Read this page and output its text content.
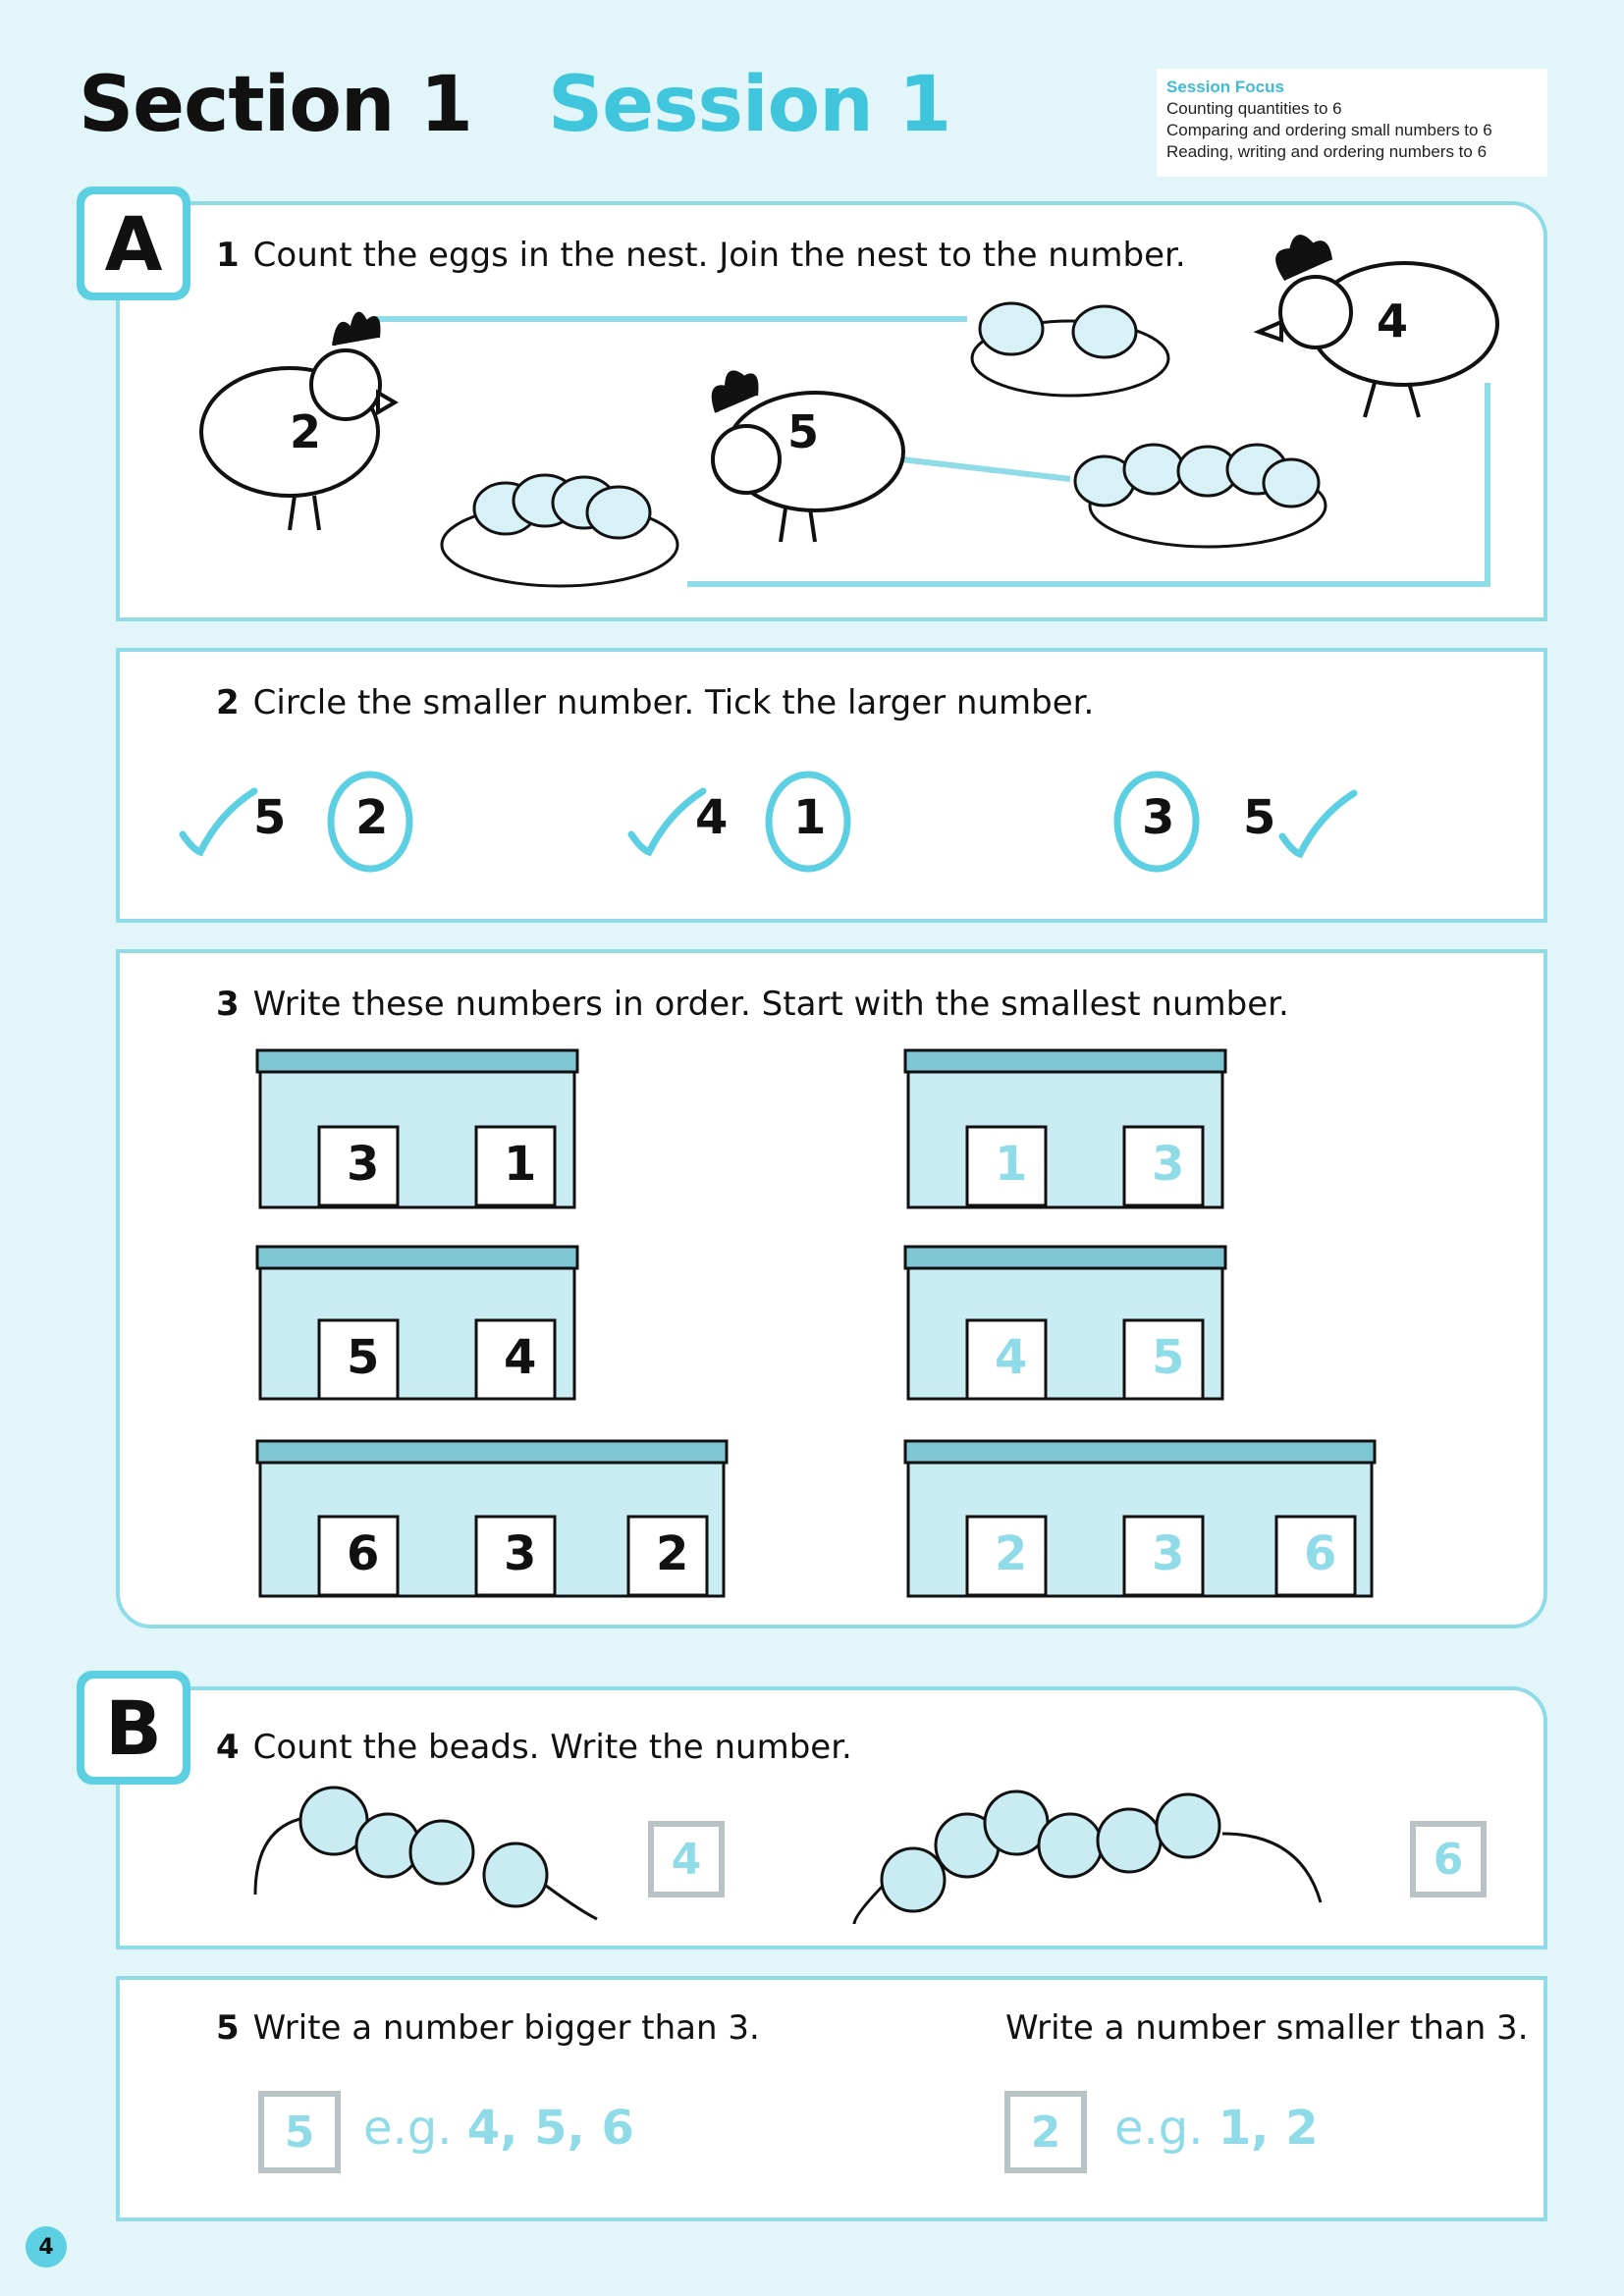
Section 1 Session 1	Session Focus
Counting quantities to 6
Comparing and ordering small numbers to 6
Reading, writing and ordering numbers to 6
A	1 Count the eggs in the nest. Join the nest to the number.
2	5
4
2 Circle the smaller number. Tick the larger number.
5 2	4 1	3 5
3 Write these numbers in order. Start with the smallest number.
3	1
5	4
6	3	2
1	3
4	5
2	3	6
B	4 Count the beads. Write the number.
4	6
5 Write a number bigger than 3.	Write a number smaller than 3.
5	e.g. 4, 5, 6	2	e.g. 1, 2
4
